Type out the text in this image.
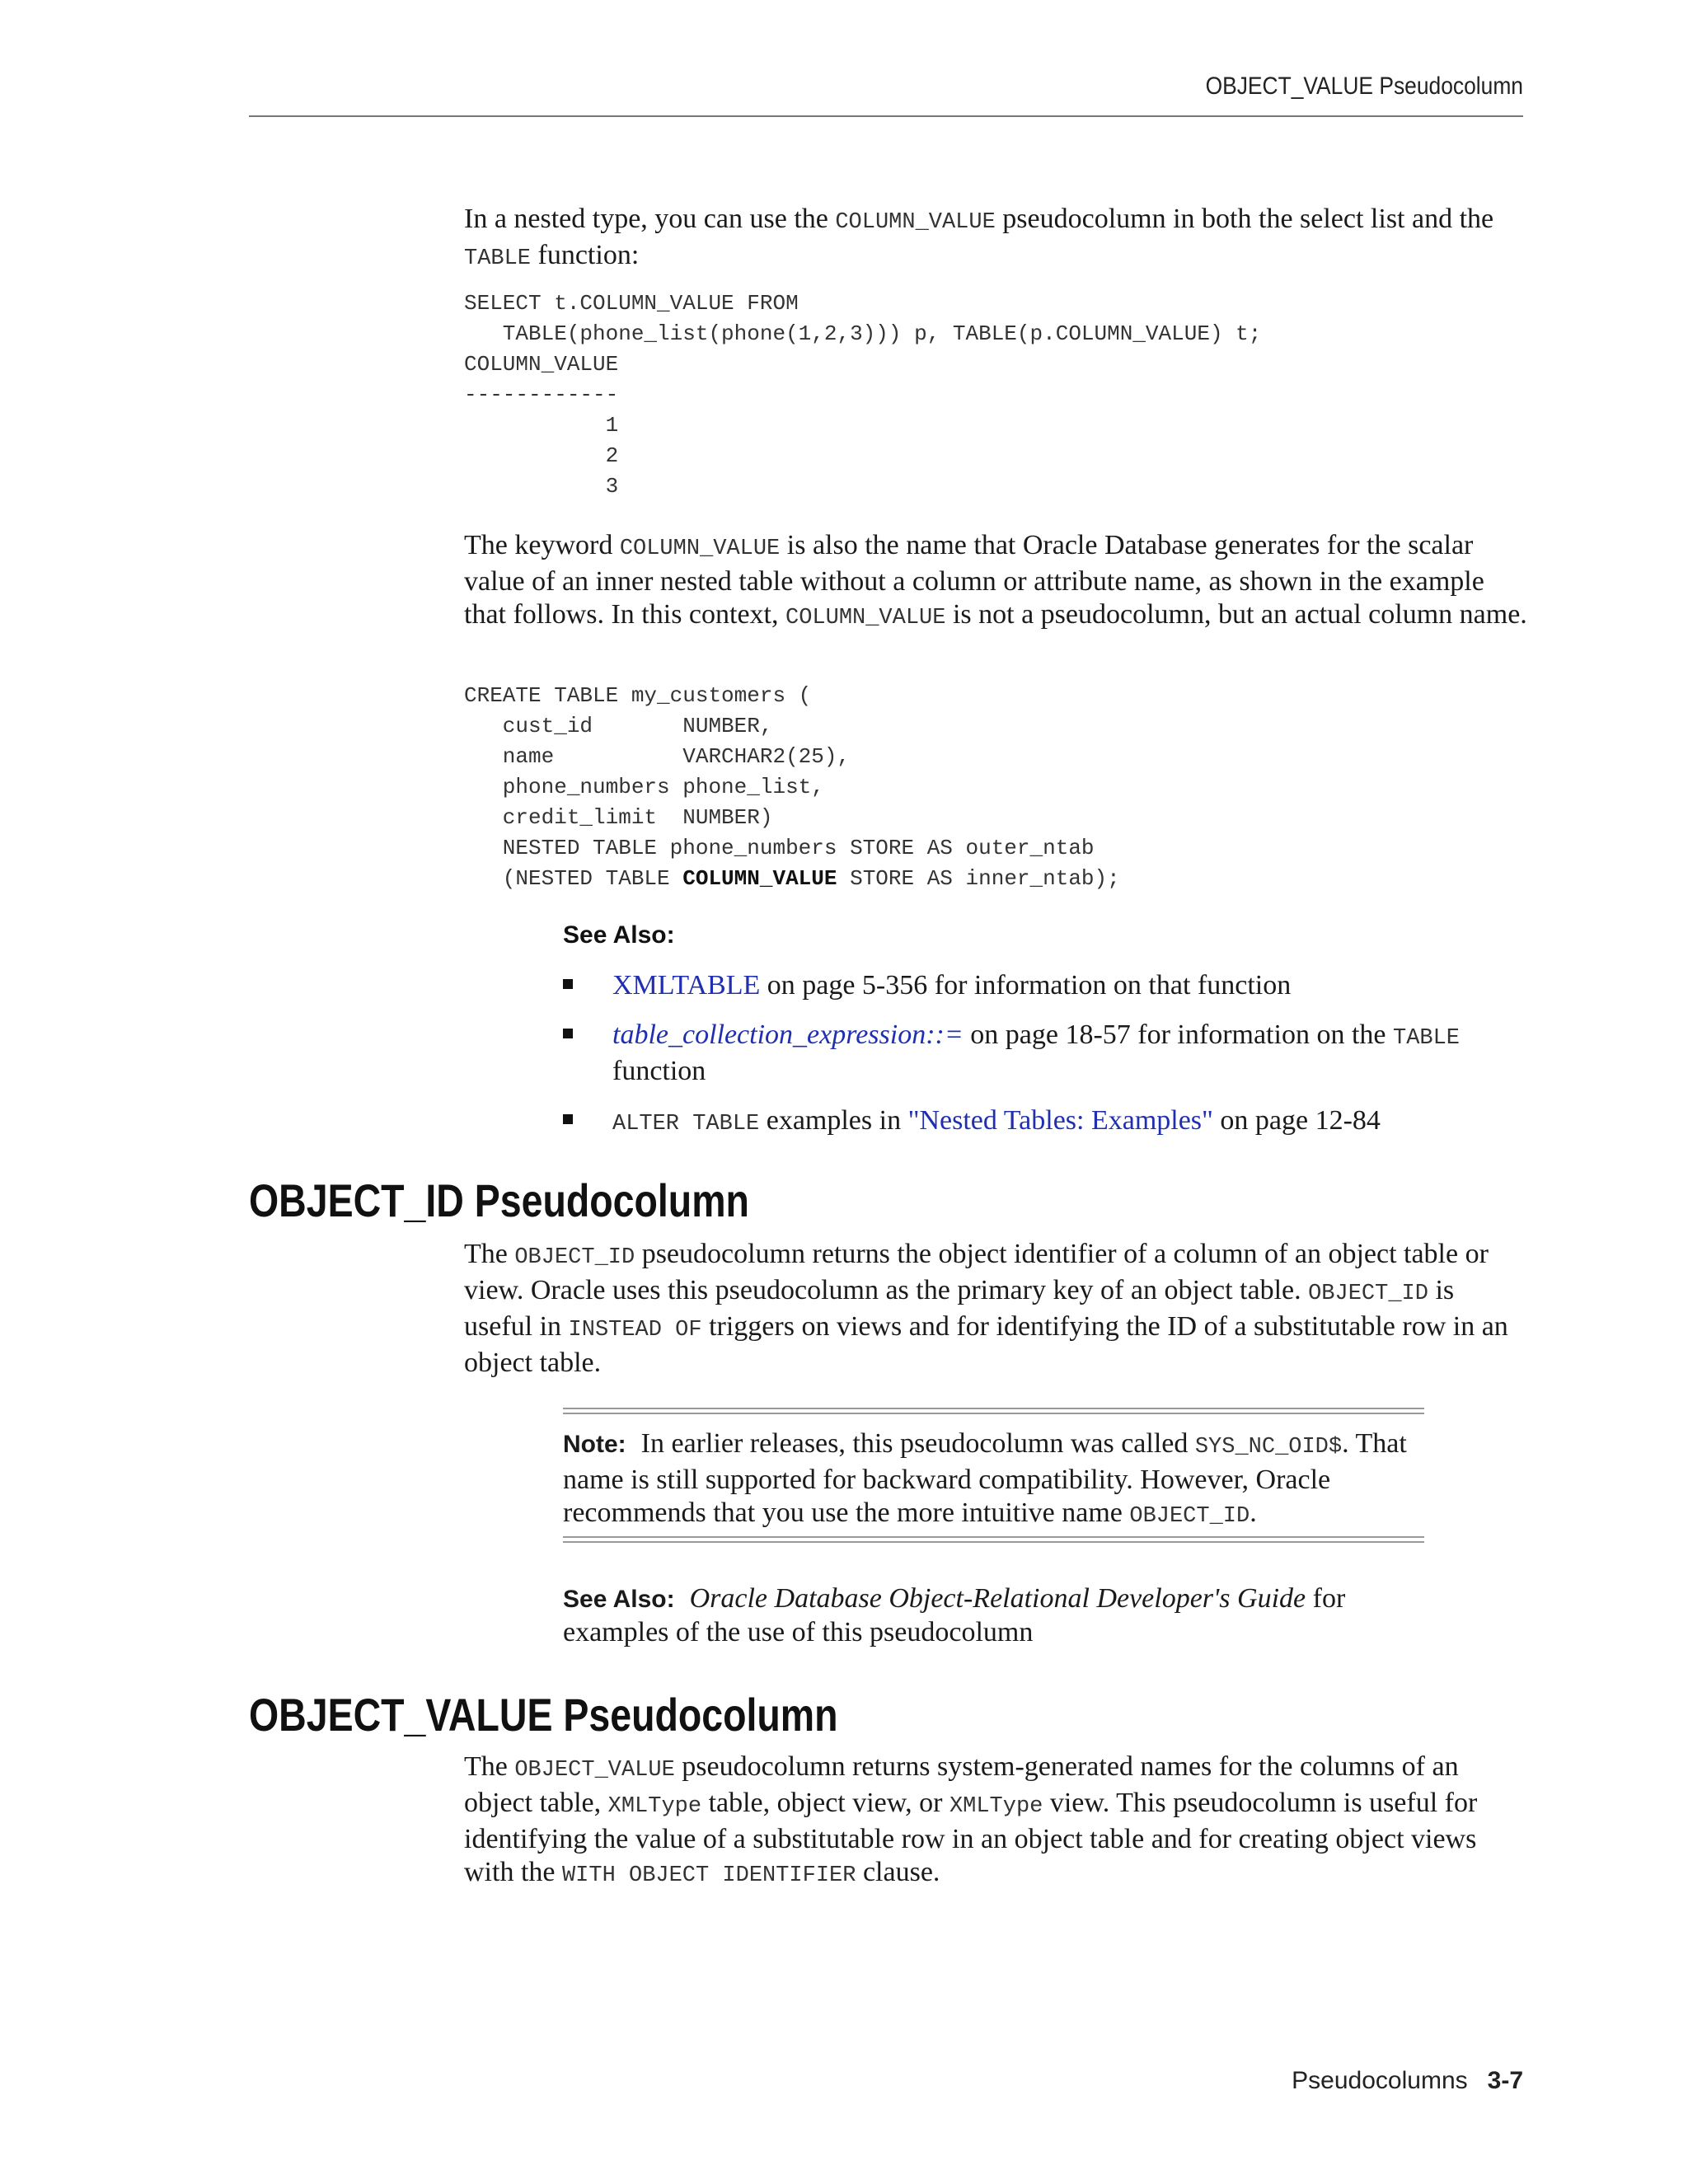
OBJECT_VALUE Pseudocolumn
In a nested type, you can use the COLUMN_VALUE pseudocolumn in both the select list and the TABLE function:
SELECT t.COLUMN_VALUE FROM
TABLE(phone_list(phone(1,2,3))) p, TABLE(p.COLUMN_VALUE) t;
COLUMN_VALUE
------------
1
2
3
The keyword COLUMN_VALUE is also the name that Oracle Database generates for the scalar value of an inner nested table without a column or attribute name, as shown in the example that follows. In this context, COLUMN_VALUE is not a pseudocolumn, but an actual column name.
CREATE TABLE my_customers (
cust_id       NUMBER,
name          VARCHAR2(25),
phone_numbers phone_list,
credit_limit  NUMBER)
NESTED TABLE phone_numbers STORE AS outer_ntab
(NESTED TABLE COLUMN_VALUE STORE AS inner_ntab);
See Also:
XMLTABLE on page 5-356 for information on that function
table_collection_expression::= on page 18-57 for information on the TABLE function
ALTER TABLE examples in "Nested Tables: Examples" on page 12-84
OBJECT_ID Pseudocolumn
The OBJECT_ID pseudocolumn returns the object identifier of a column of an object table or view. Oracle uses this pseudocolumn as the primary key of an object table. OBJECT_ID is useful in INSTEAD OF triggers on views and for identifying the ID of a substitutable row in an object table.
Note: In earlier releases, this pseudocolumn was called SYS_NC_OID$. That name is still supported for backward compatibility. However, Oracle recommends that you use the more intuitive name OBJECT_ID.
See Also: Oracle Database Object-Relational Developer's Guide for examples of the use of this pseudocolumn
OBJECT_VALUE Pseudocolumn
The OBJECT_VALUE pseudocolumn returns system-generated names for the columns of an object table, XMLType table, object view, or XMLType view. This pseudocolumn is useful for identifying the value of a substitutable row in an object table and for creating object views with the WITH OBJECT IDENTIFIER clause.
Pseudocolumns 3-7
